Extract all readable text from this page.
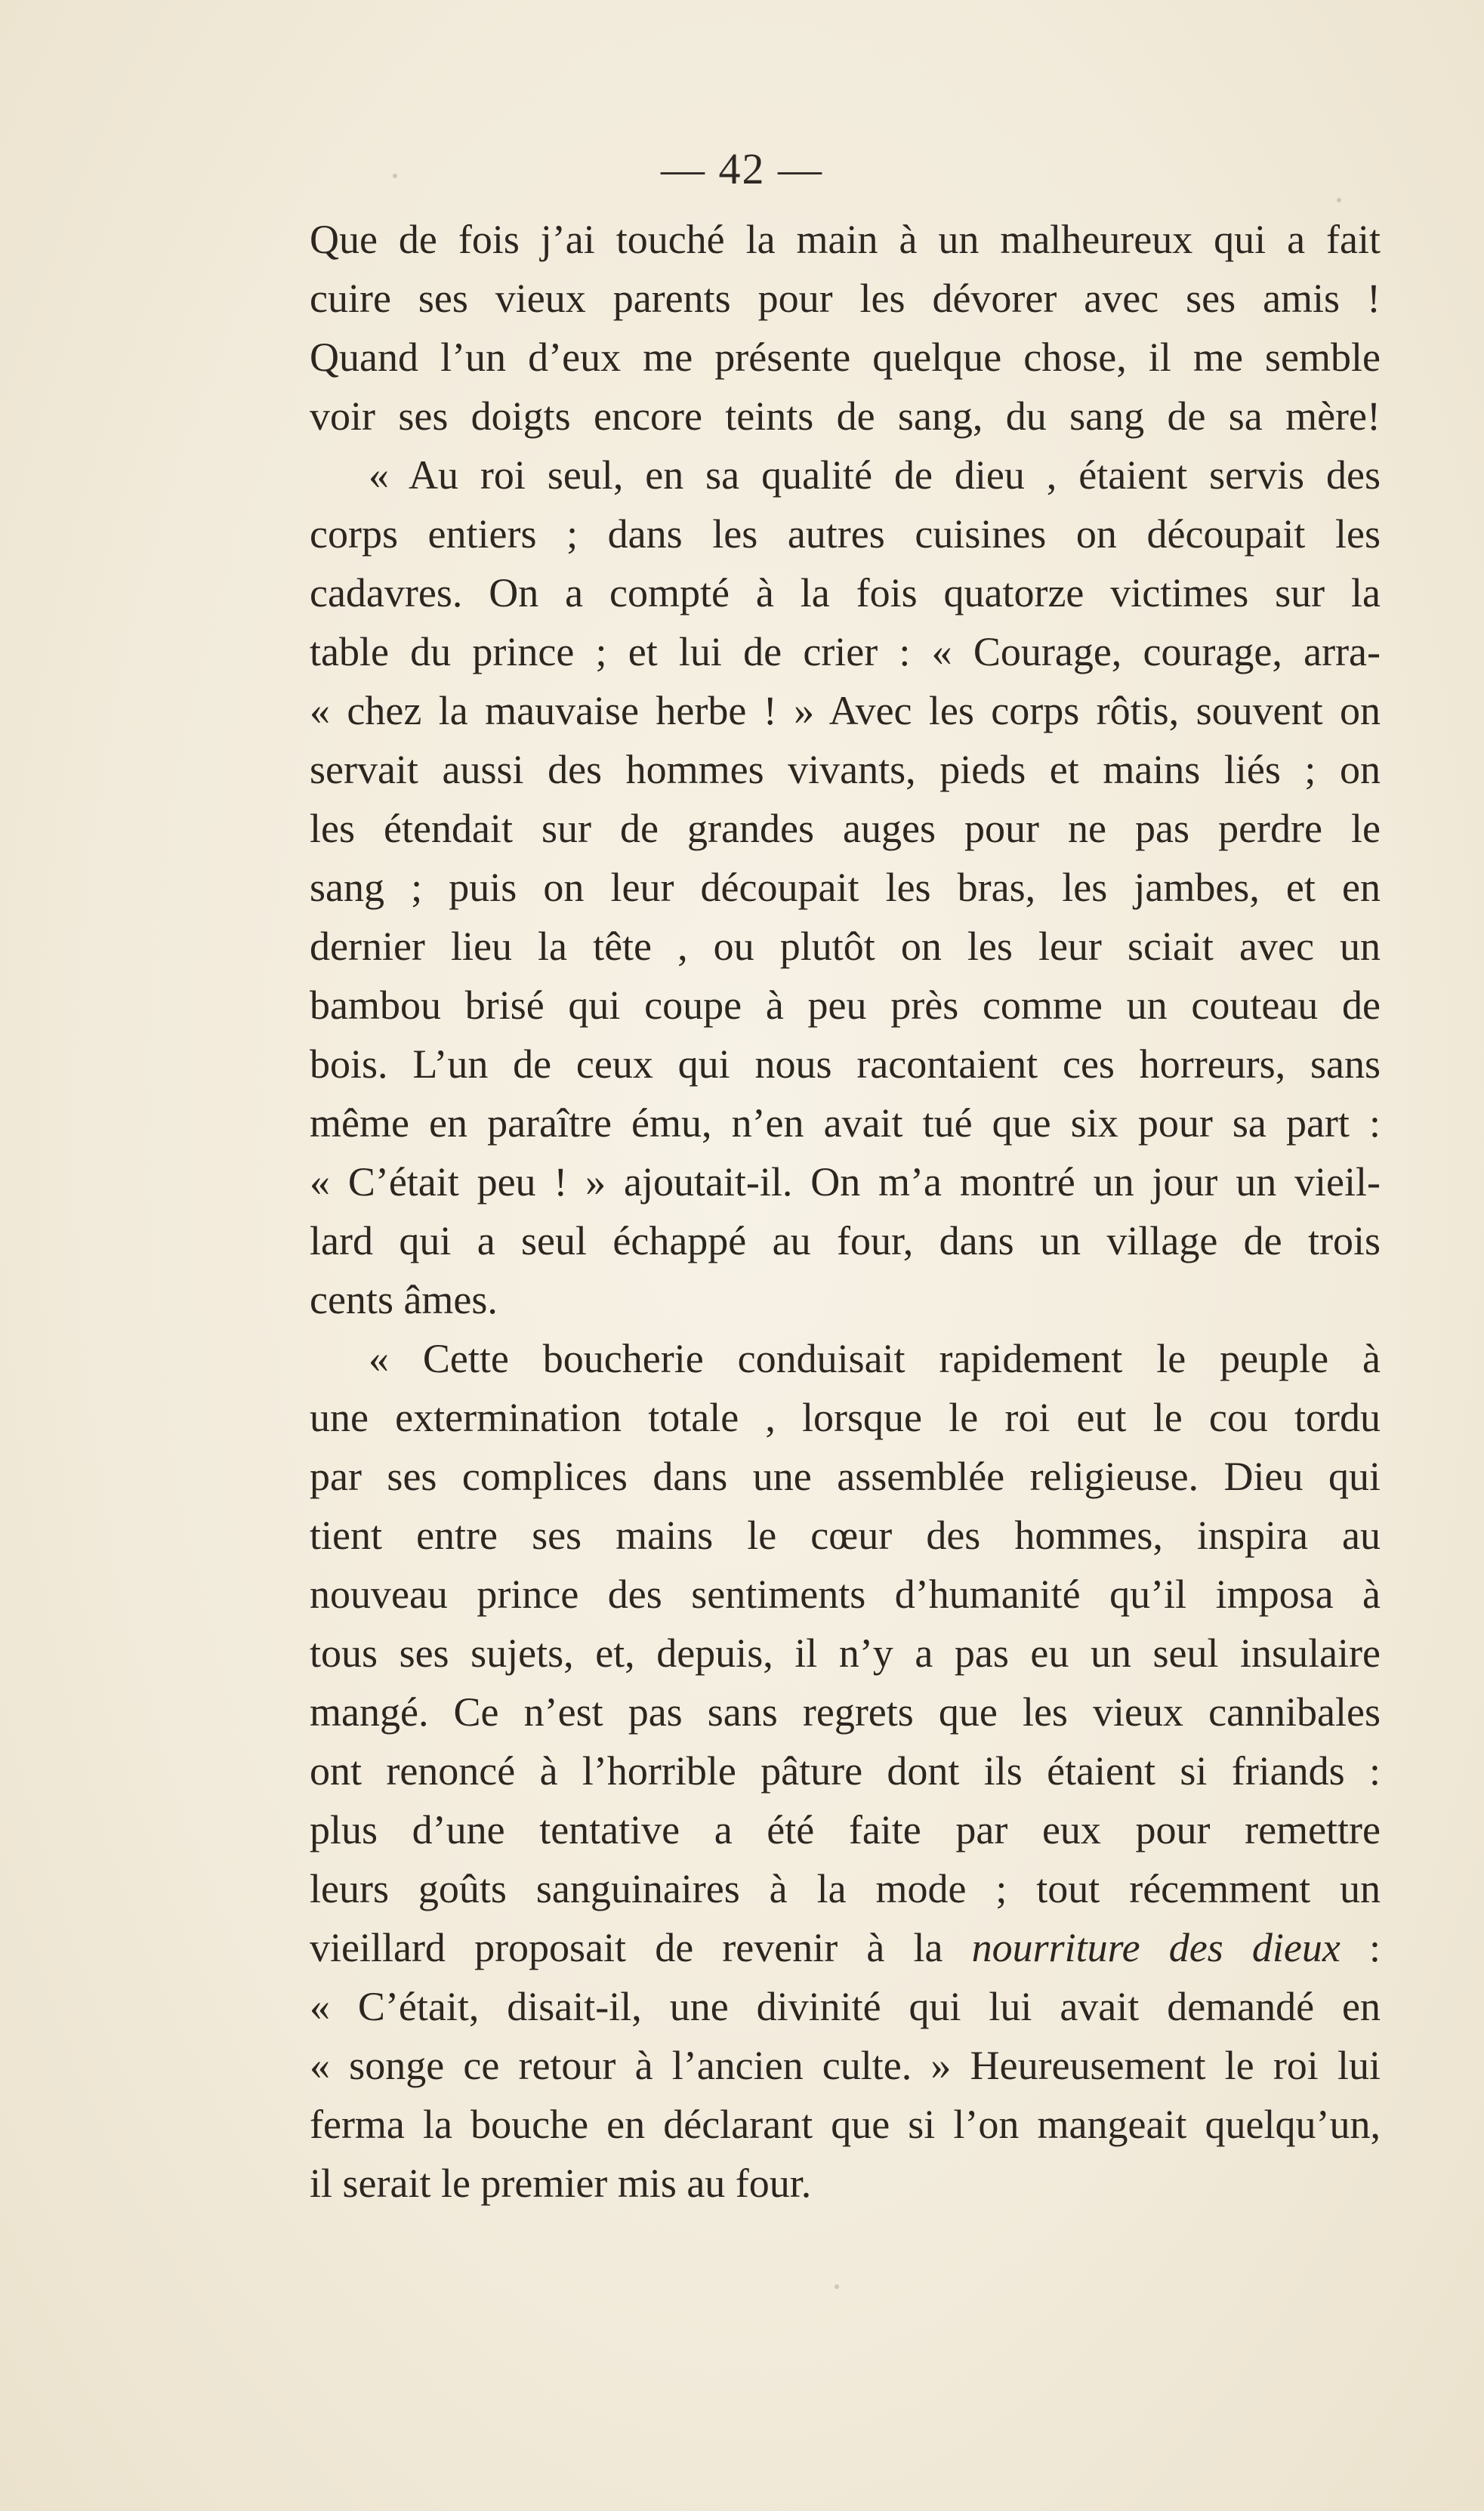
— 42 —
Que de fois j’ai touché la main à un malheureux qui a fait
cuire ses vieux parents pour les dévorer avec ses amis !
Quand l’un d’eux me présente quelque chose, il me semble
voir ses doigts encore teints de sang, du sang de sa mère!
« Au roi seul, en sa qualité de dieu , étaient servis des
corps entiers ; dans les autres cuisines on découpait les
cadavres. On a compté à la fois quatorze victimes sur la
table du prince ; et lui de crier : « Courage, courage, arra-
« chez la mauvaise herbe ! » Avec les corps rôtis, souvent on
servait aussi des hommes vivants, pieds et mains liés ; on
les étendait sur de grandes auges pour ne pas perdre le
sang ; puis on leur découpait les bras, les jambes, et en
dernier lieu la tête , ou plutôt on les leur sciait avec un
bambou brisé qui coupe à peu près comme un couteau de
bois. L’un de ceux qui nous racontaient ces horreurs, sans
même en paraître ému, n’en avait tué que six pour sa part :
« C’était peu ! » ajoutait-il. On m’a montré un jour un vieil-
lard qui a seul échappé au four, dans un village de trois
cents âmes.
« Cette boucherie conduisait rapidement le peuple à
une extermination totale , lorsque le roi eut le cou tordu
par ses complices dans une assemblée religieuse. Dieu qui
tient entre ses mains le cœur des hommes, inspira au
nouveau prince des sentiments d’humanité qu’il imposa à
tous ses sujets, et, depuis, il n’y a pas eu un seul insulaire
mangé. Ce n’est pas sans regrets que les vieux cannibales
ont renoncé à l’horrible pâture dont ils étaient si friands :
plus d’une tentative a été faite par eux pour remettre
leurs goûts sanguinaires à la mode ; tout récemment un
vieillard proposait de revenir à la nourriture des dieux :
« C’était, disait-il, une divinité qui lui avait demandé en
« songe ce retour à l’ancien culte. » Heureusement le roi lui
ferma la bouche en déclarant que si l’on mangeait quelqu’un,
il serait le premier mis au four.
